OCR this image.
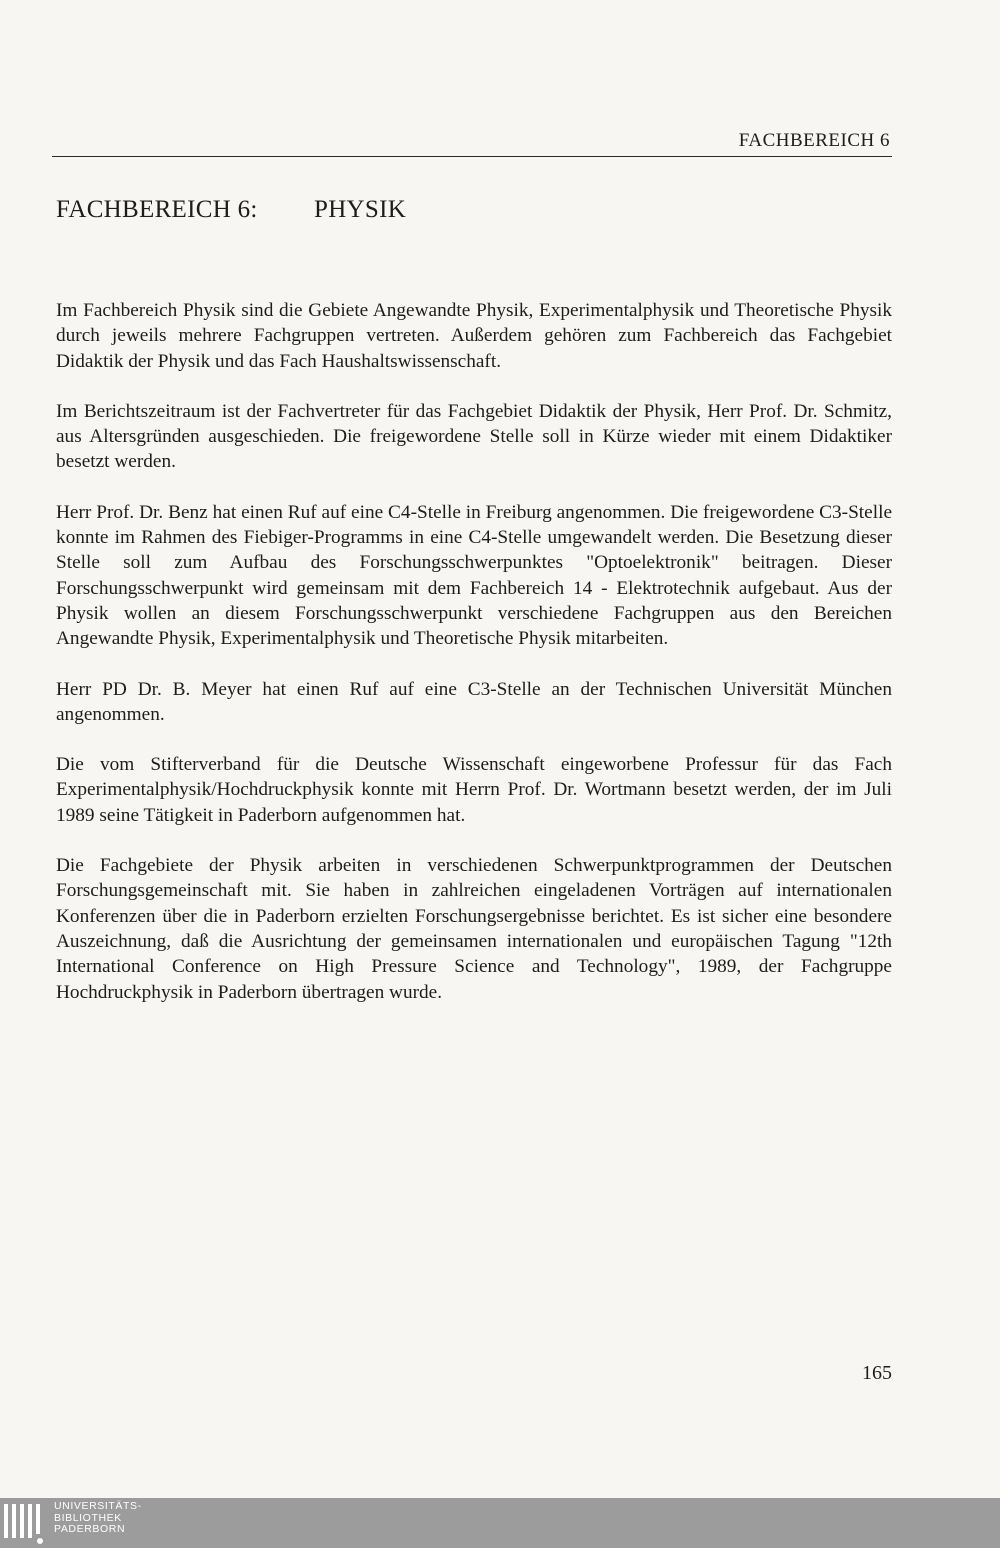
FACHBEREICH 6
FACHBEREICH 6: PHYSIK

Im Fachbereich Physik sind die Gebiete Angewandte Physik, Experimentalphysik und Theoretische Physik durch jeweils mehrere Fachgruppen vertreten. Außerdem gehören zum Fachbereich das Fachgebiet Didaktik der Physik und das Fach Haushaltswissenschaft.

Im Berichtszeitraum ist der Fachvertreter für das Fachgebiet Didaktik der Physik, Herr Prof. Dr. Schmitz, aus Altersgründen ausgeschieden. Die freigewordene Stelle soll in Kürze wieder mit einem Didaktiker besetzt werden.

Herr Prof. Dr. Benz hat einen Ruf auf eine C4-Stelle in Freiburg angenommen. Die freigewordene C3-Stelle konnte im Rahmen des Fiebiger-Programms in eine C4-Stelle umgewandelt werden. Die Besetzung dieser Stelle soll zum Aufbau des Forschungsschwerpunktes "Optoelektronik" beitragen. Dieser Forschungsschwerpunkt wird gemeinsam mit dem Fachbereich 14 - Elektrotechnik aufgebaut. Aus der Physik wollen an diesem Forschungsschwerpunkt verschiedene Fachgruppen aus den Bereichen Angewandte Physik, Experimentalphysik und Theoretische Physik mitarbeiten.

Herr PD Dr. B. Meyer hat einen Ruf auf eine C3-Stelle an der Technischen Universität München angenommen.

Die vom Stifterverband für die Deutsche Wissenschaft eingeworbene Professur für das Fach Experimentalphysik/Hochdruckphysik konnte mit Herrn Prof. Dr. Wortmann besetzt werden, der im Juli 1989 seine Tätigkeit in Paderborn aufgenommen hat.

Die Fachgebiete der Physik arbeiten in verschiedenen Schwerpunktprogrammen der Deutschen Forschungsgemeinschaft mit. Sie haben in zahlreichen eingeladenen Vorträgen auf internationalen Konferenzen über die in Paderborn erzielten Forschungsergebnisse berichtet. Es ist sicher eine besondere Auszeichnung, daß die Ausrichtung der gemeinsamen internationalen und europäischen Tagung "12th International Conference on High Pressure Science and Technology", 1989, der Fachgruppe Hochdruckphysik in Paderborn übertragen wurde.

165
UNIVERSITÄTS-
BIBLIOTHEK
PADERBORN
